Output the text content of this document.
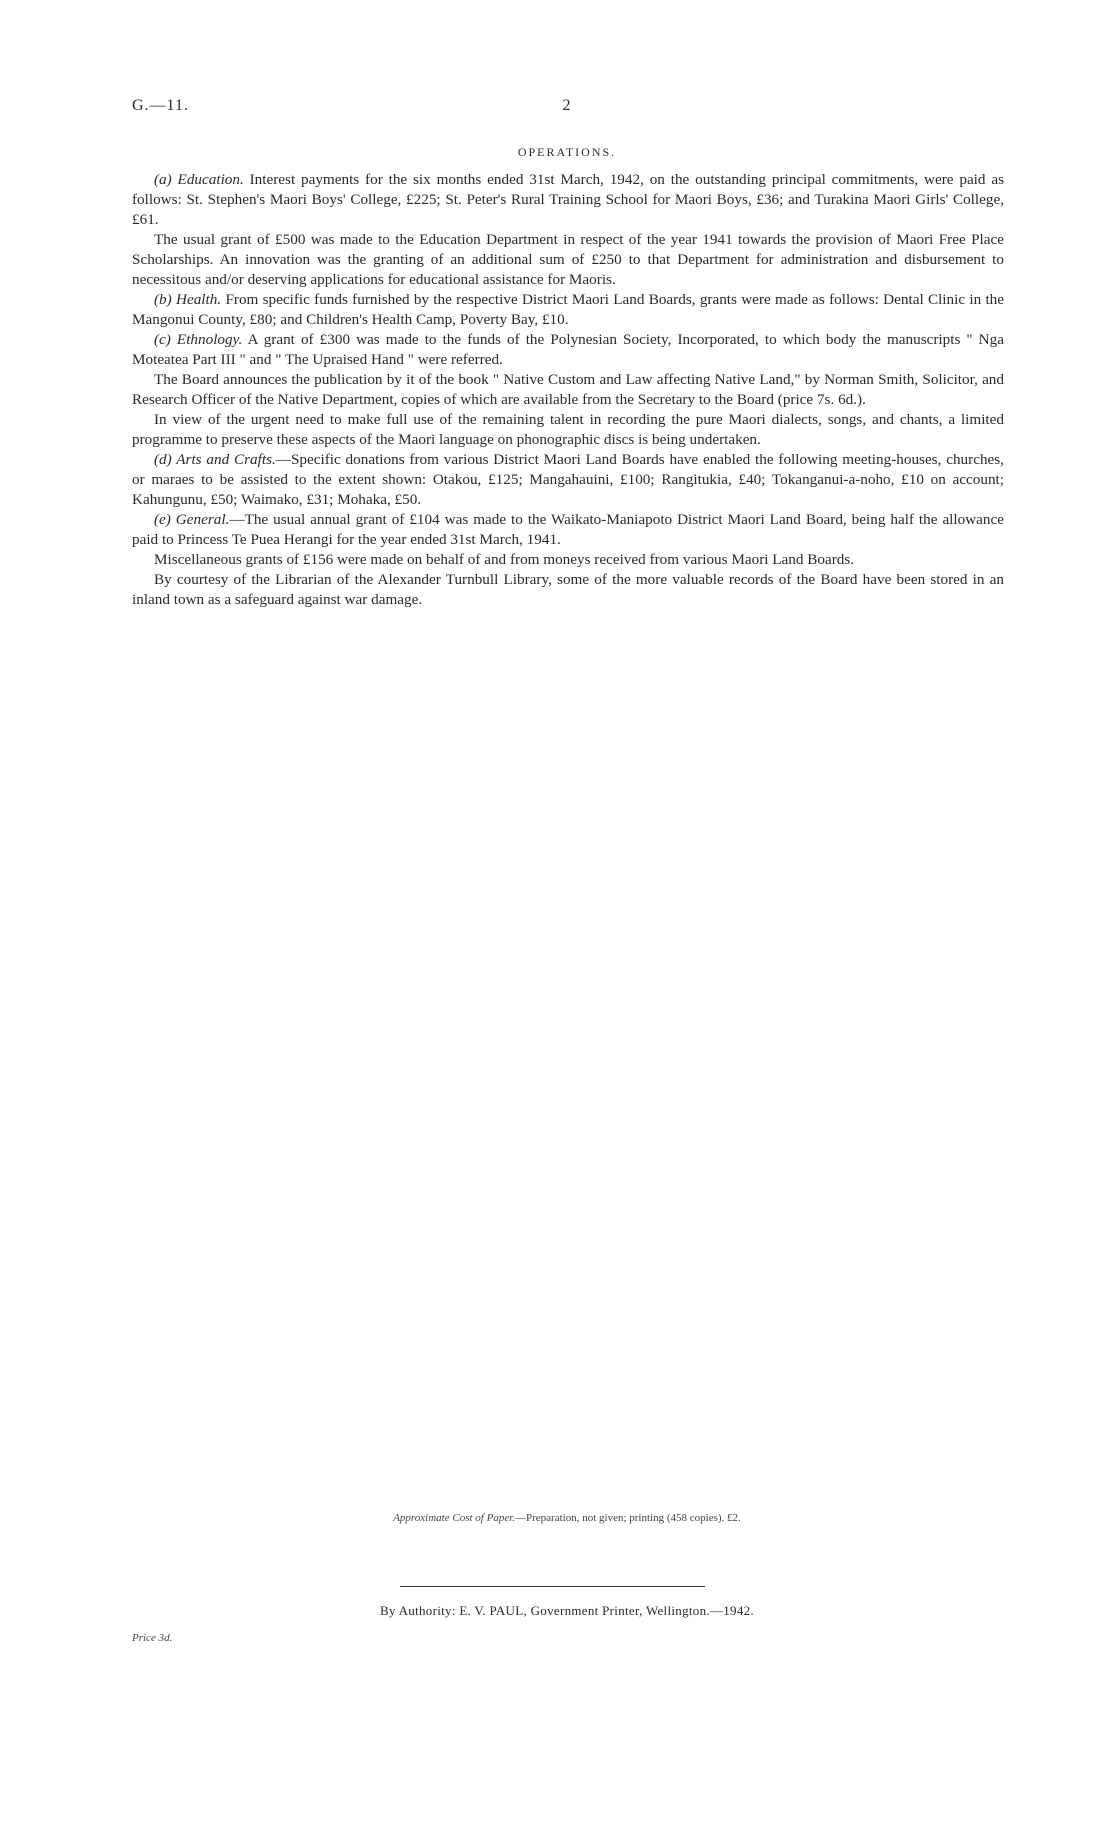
G.—11.	2
OPERATIONS.

(a) Education. Interest payments for the six months ended 31st March, 1942, on the outstanding principal commitments, were paid as follows: St. Stephen's Maori Boys' College, £225; St. Peter's Rural Training School for Maori Boys, £36; and Turakina Maori Girls' College, £61.

The usual grant of £500 was made to the Education Department in respect of the year 1941 towards the provision of Maori Free Place Scholarships. An innovation was the granting of an additional sum of £250 to that Department for administration and disbursement to necessitous and/or deserving applications for educational assistance for Maoris.

(b) Health. From specific funds furnished by the respective District Maori Land Boards, grants were made as follows: Dental Clinic in the Mangonui County, £80; and Children's Health Camp, Poverty Bay, £10.

(c) Ethnology. A grant of £300 was made to the funds of the Polynesian Society, Incorporated, to which body the manuscripts " Nga Moteatea Part III " and " The Upraised Hand " were referred.

The Board announces the publication by it of the book " Native Custom and Law affecting Native Land," by Norman Smith, Solicitor, and Research Officer of the Native Department, copies of which are available from the Secretary to the Board (price 7s. 6d.).

In view of the urgent need to make full use of the remaining talent in recording the pure Maori dialects, songs, and chants, a limited programme to preserve these aspects of the Maori language on phonographic discs is being undertaken.

(d) Arts and Crafts.—Specific donations from various District Maori Land Boards have enabled the following meeting-houses, churches, or maraes to be assisted to the extent shown: Otakou, £125; Mangahauini, £100; Rangitukia, £40; Tokanganui-a-noho, £10 on account; Kahungunu, £50; Waimako, £31; Mohaka, £50.

(e) General.—The usual annual grant of £104 was made to the Waikato-Maniapoto District Maori Land Board, being half the allowance paid to Princess Te Puea Herangi for the year ended 31st March, 1941.

Miscellaneous grants of £156 were made on behalf of and from moneys received from various Maori Land Boards.

By courtesy of the Librarian of the Alexander Turnbull Library, some of the more valuable records of the Board have been stored in an inland town as a safeguard against war damage.

Approximate Cost of Paper.—Preparation, not given; printing (458 copies). £2.
By Authority: E. V. PAUL, Government Printer, Wellington.—1942.
Price 3d.
